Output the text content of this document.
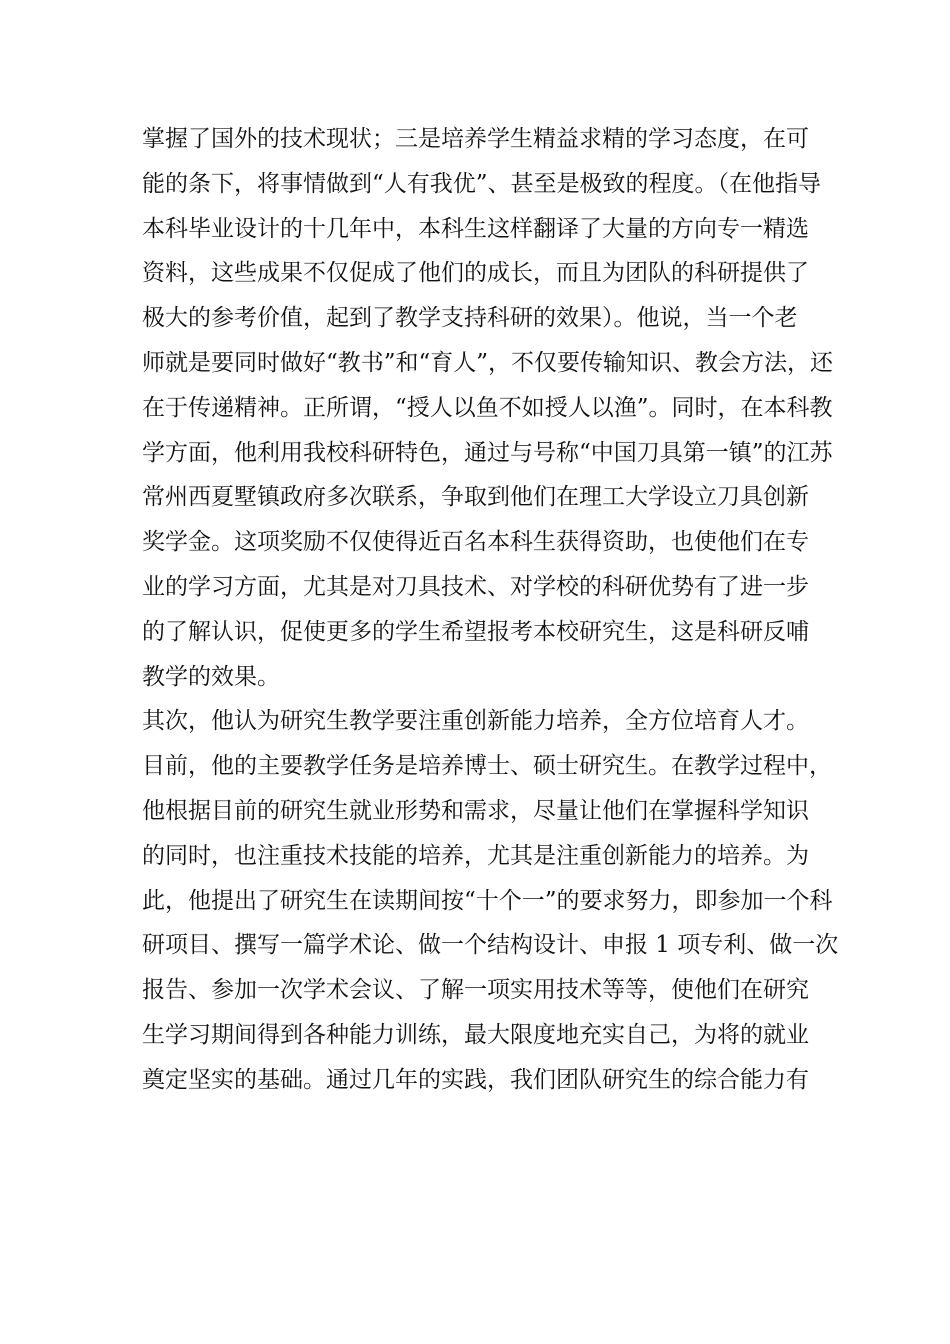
掌握了国外的技术现状；三是培养学生精益求精的学习态度，在可
能的条下，将事情做到“人有我优”、甚至是极致的程度。（在他指导
本科毕业设计的十几年中，本科生这样翻译了大量的方向专一精选
资料，这些成果不仅促成了他们的成长，而且为团队的科研提供了
极大的参考价值，起到了教学支持科研的效果）。他说，当一个老
师就是要同时做好“教书”和“育人”，不仅要传输知识、教会方法，还
在于传递精神。正所谓，“授人以鱼不如授人以渔”。同时，在本科教
学方面，他利用我校科研特色，通过与号称“中国刀具第一镇”的江苏
常州西夏墅镇政府多次联系，争取到他们在理工大学设立刀具创新
奖学金。这项奖励不仅使得近百名本科生获得资助，也使他们在专
业的学习方面，尤其是对刀具技术、对学校的科研优势有了进一步
的了解认识，促使更多的学生希望报考本校研究生，这是科研反哺
教学的效果。
其次，他认为研究生教学要注重创新能力培养，全方位培育人才。
目前，他的主要教学任务是培养博士、硕士研究生。在教学过程中，
他根据目前的研究生就业形势和需求，尽量让他们在掌握科学知识
的同时，也注重技术技能的培养，尤其是注重创新能力的培养。为
此，他提出了研究生在读期间按“十个一”的要求努力，即参加一个科
研项目、撰写一篇学术论、做一个结构设计、申报 1 项专利、做一次
报告、参加一次学术会议、了解一项实用技术等等，使他们在研究
生学习期间得到各种能力训练，最大限度地充实自己，为将的就业
奠定坚实的基础。通过几年的实践，我们团队研究生的综合能力有
